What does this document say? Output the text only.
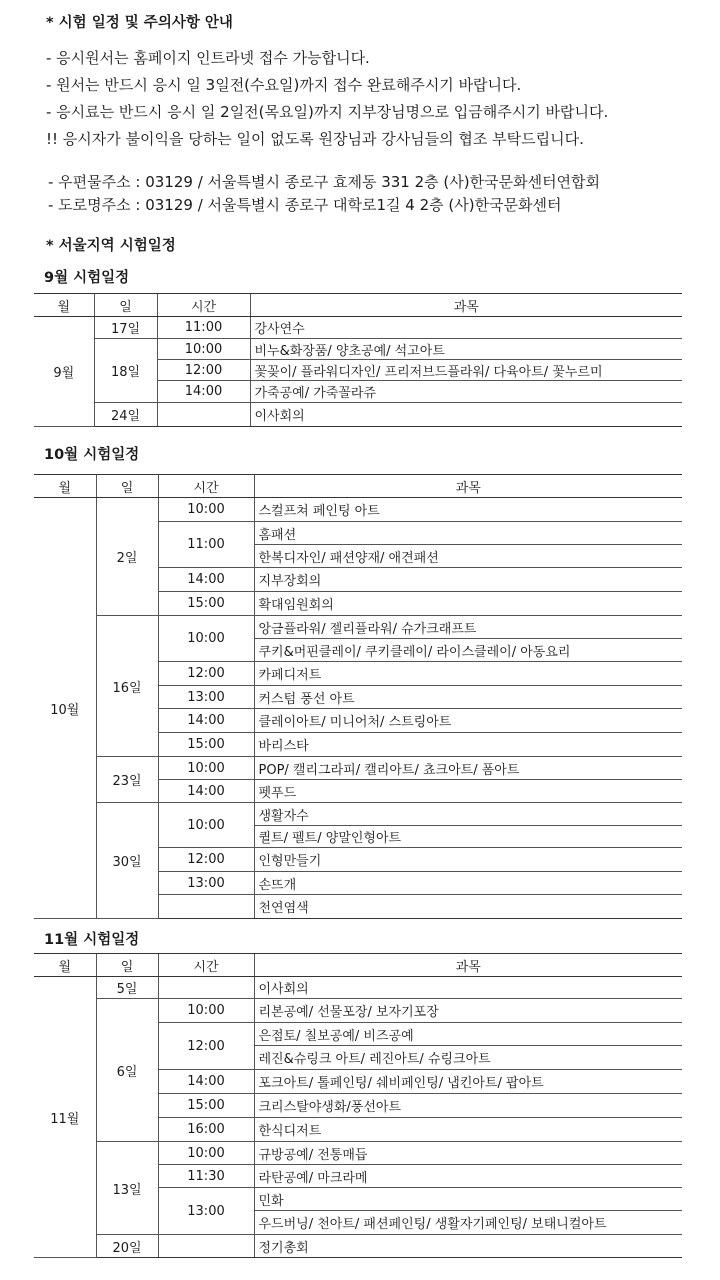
* 시험 일정 및 주의사항 안내
- 응시원서는 홈페이지 인트라넷 접수 가능합니다.
- 원서는 반드시 응시 일 3일전(수요일)까지 접수 완료해주시기 바랍니다.
- 응시료는 반드시 응시 일 2일전(목요일)까지 지부장님명으로 입금해주시기 바랍니다.
!! 응시자가 불이익을 당하는 일이 없도록 원장님과 강사님들의 협조 부탁드립니다.
- 우편물주소 : 03129 / 서울특별시 종로구 효제동 331 2층 (사)한국문화센터연합회
- 도로명주소 : 03129 / 서울특별시 종로구 대학로1길 4 2층 (사)한국문화센터
* 서울지역 시험일정
9월 시험일정
10월 시험일정
11월 시험일정
월	일	시간	과목
9월	17일	11:00	강사연수
	18일	10:00	비누&화장품/ 양초공예/ 석고아트
		12:00	꽃꽂이/ 플라워디자인/ 프리저브드플라워/ 다육아트/ 꽃누르미
		14:00	가죽공예/ 가죽꼴라쥬
	24일		이사회의
월	일	시간	과목
10월	2일	10:00	스컬프쳐 페인팅 아트
		11:00	홈패션
			한복디자인/ 패션양재/ 애견패션
		14:00	지부장회의
		15:00	확대임원회의
	16일	10:00	앙금플라워/ 젤리플라워/ 슈가크래프트
			쿠키&머핀클레이/ 쿠키클레이/ 라이스클레이/ 아동요리
		12:00	카페디저트
		13:00	커스텀 풍선 아트
		14:00	클레이아트/ 미니어처/ 스트링아트
		15:00	바리스타
	23일	10:00	POP/ 캘리그라피/ 캘리아트/ 쵸크아트/ 폼아트
		14:00	펫푸드
	30일	10:00	생활자수
			퀼트/ 펠트/ 양말인형아트
		12:00	인형만들기
		13:00	손뜨개
			천연염색
월	일	시간	과목
11월	5일		이사회의
	6일	10:00	리본공예/ 선물포장/ 보자기포장
		12:00	은점토/ 칠보공예/ 비즈공예
			레진&슈링크 아트/ 레진아트/ 슈링크아트
		14:00	포크아트/ 톨페인팅/ 쉐비페인팅/ 냅킨아트/ 팝아트
		15:00	크리스탈야생화/풍선아트
		16:00	한식디저트
	13일	10:00	규방공예/ 전통매듭
		11:30	라탄공예/ 마크라메
		13:00	민화
			우드버닝/ 천아트/ 패션페인팅/ 생활자기페인팅/ 보태니컬아트
	20일		정기총회
